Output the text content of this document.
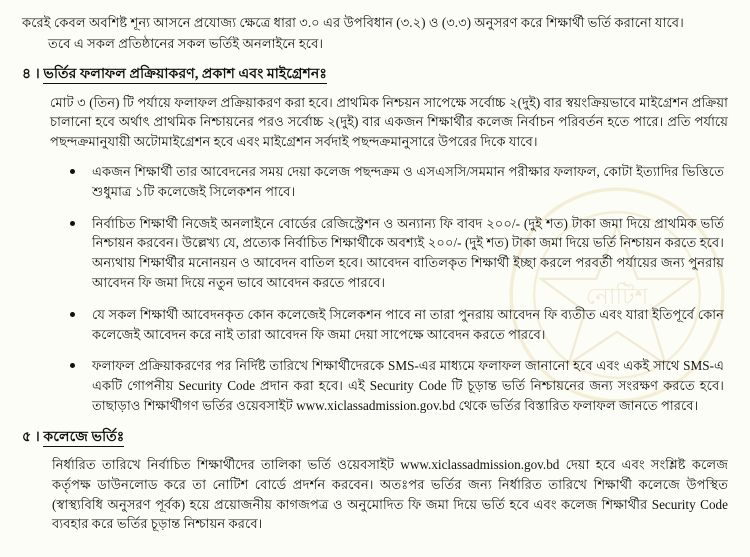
নোটিশ

করেই কেবল অবশিষ্ট শূন্য আসনে প্রযোজ্য ক্ষেত্রে ধারা ৩.০ এর উপবিধান (৩.২) ও (৩.৩) অনুসরণ করে শিক্ষার্থী ভর্তি করানো যাবে।

তবে এ সকল প্রতিষ্ঠানের সকল ভর্তিই অনলাইনে হবে।

৪ । ভর্তির ফলাফল প্রক্রিয়াকরণ, প্রকাশ এবং মাইগ্রেশনঃ

মোট ৩ (তিন) টি পর্যায়ে ফলাফল প্রক্রিয়াকরণ করা হবে। প্রাথমিক নিশ্চয়ন সাপেক্ষে সর্বোচ্চ ২(দুই) বার স্বয়ংক্রিয়ভাবে মাইগ্রেশন প্রক্রিয়া চালানো হবে অর্থাৎ প্রাথমিক নিশ্চায়নের পরও সর্বোচ্চ ২(দুই) বার একজন শিক্ষার্থীর কলেজ নির্বাচন পরিবর্তন হতে পারে। প্রতি পর্যায়ে পছন্দক্রমানুযায়ী অটোমাইগ্রেশন হবে এবং মাইগ্রেশন সর্বদাই পছন্দক্রমানুসারে উপরের দিকে যাবে।

একজন শিক্ষার্থী তার আবেদনের সময় দেয়া কলেজ পছন্দক্রম ও এসএসসি/সমমান পরীক্ষার ফলাফল, কোটা ইত্যাদির ভিত্তিতে শুধুমাত্র ১টি কলেজেই সিলেকশন পাবে।
নির্বাচিত শিক্ষার্থী নিজেই অনলাইনে বোর্ডের রেজিস্ট্রেশন ও অন্যান্য ফি বাবদ ২০০/- (দুই শত) টাকা জমা দিয়ে প্রাথমিক ভর্তি নিশ্চায়ন করবেন। উল্লেখ্য যে, প্রত্যেক নির্বাচিত শিক্ষার্থীকে অবশ্যই ২০০/- (দুই শত) টাকা জমা দিয়ে ভর্তি নিশ্চায়ন করতে হবে। অন্যথায় শিক্ষার্থীর মনোনয়ন ও আবেদন বাতিল হবে। আবেদন বাতিলকৃত শিক্ষার্থী ইচ্ছা করলে পরবর্তী পর্যায়ের জন্য পুনরায় আবেদন ফি জমা দিয়ে নতুন ভাবে আবেদন করতে পারবে।
যে সকল শিক্ষার্থী আবেদনকৃত কোন কলেজেই সিলেকশন পাবে না তারা পুনরায় আবেদন ফি ব্যতীত এবং যারা ইতিপূর্বে কোন কলেজেই আবেদন করে নাই তারা আবেদন ফি জমা দেয়া সাপেক্ষে আবেদন করতে পারবে।
ফলাফল প্রক্রিয়াকরণের পর নির্দিষ্ট তারিখে শিক্ষার্থীদেরকে SMS-এর মাধ্যমে ফলাফল জানানো হবে এবং একই সাথে SMS-এ একটি গোপনীয় Security Code প্রদান করা হবে। এই Security Code টি চূড়ান্ত ভর্তি নিশ্চায়নের জন্য সংরক্ষণ করতে হবে। তাছাড়াও শিক্ষার্থীগণ ভর্তির ওয়েবসাইট www.xiclassadmission.gov.bd থেকে ভর্তির বিস্তারিত ফলাফল জানতে পারবে।
৫ । কলেজে ভর্তিঃ

নির্ধারিত তারিখে নির্বাচিত শিক্ষার্থীদের তালিকা ভর্তি ওয়েবসাইট www.xiclassadmission.gov.bd দেয়া হবে এবং সংশ্লিষ্ট কলেজ কর্তৃপক্ষ ডাউনলোড করে তা নোটিশ বোর্ডে প্রদর্শন করবেন। অতঃপর ভর্তির জন্য নির্ধারিত তারিখে শিক্ষার্থী কলেজে উপস্থিত (স্বাস্থ্যবিধি অনুসরণ পূর্বক) হয়ে প্রয়োজনীয় কাগজপত্র ও অনুমোদিত ফি জমা দিয়ে ভর্তি হবে এবং কলেজ শিক্ষার্থীর Security Code ব্যবহার করে ভর্তির চূড়ান্ত নিশ্চায়ন করবে।
